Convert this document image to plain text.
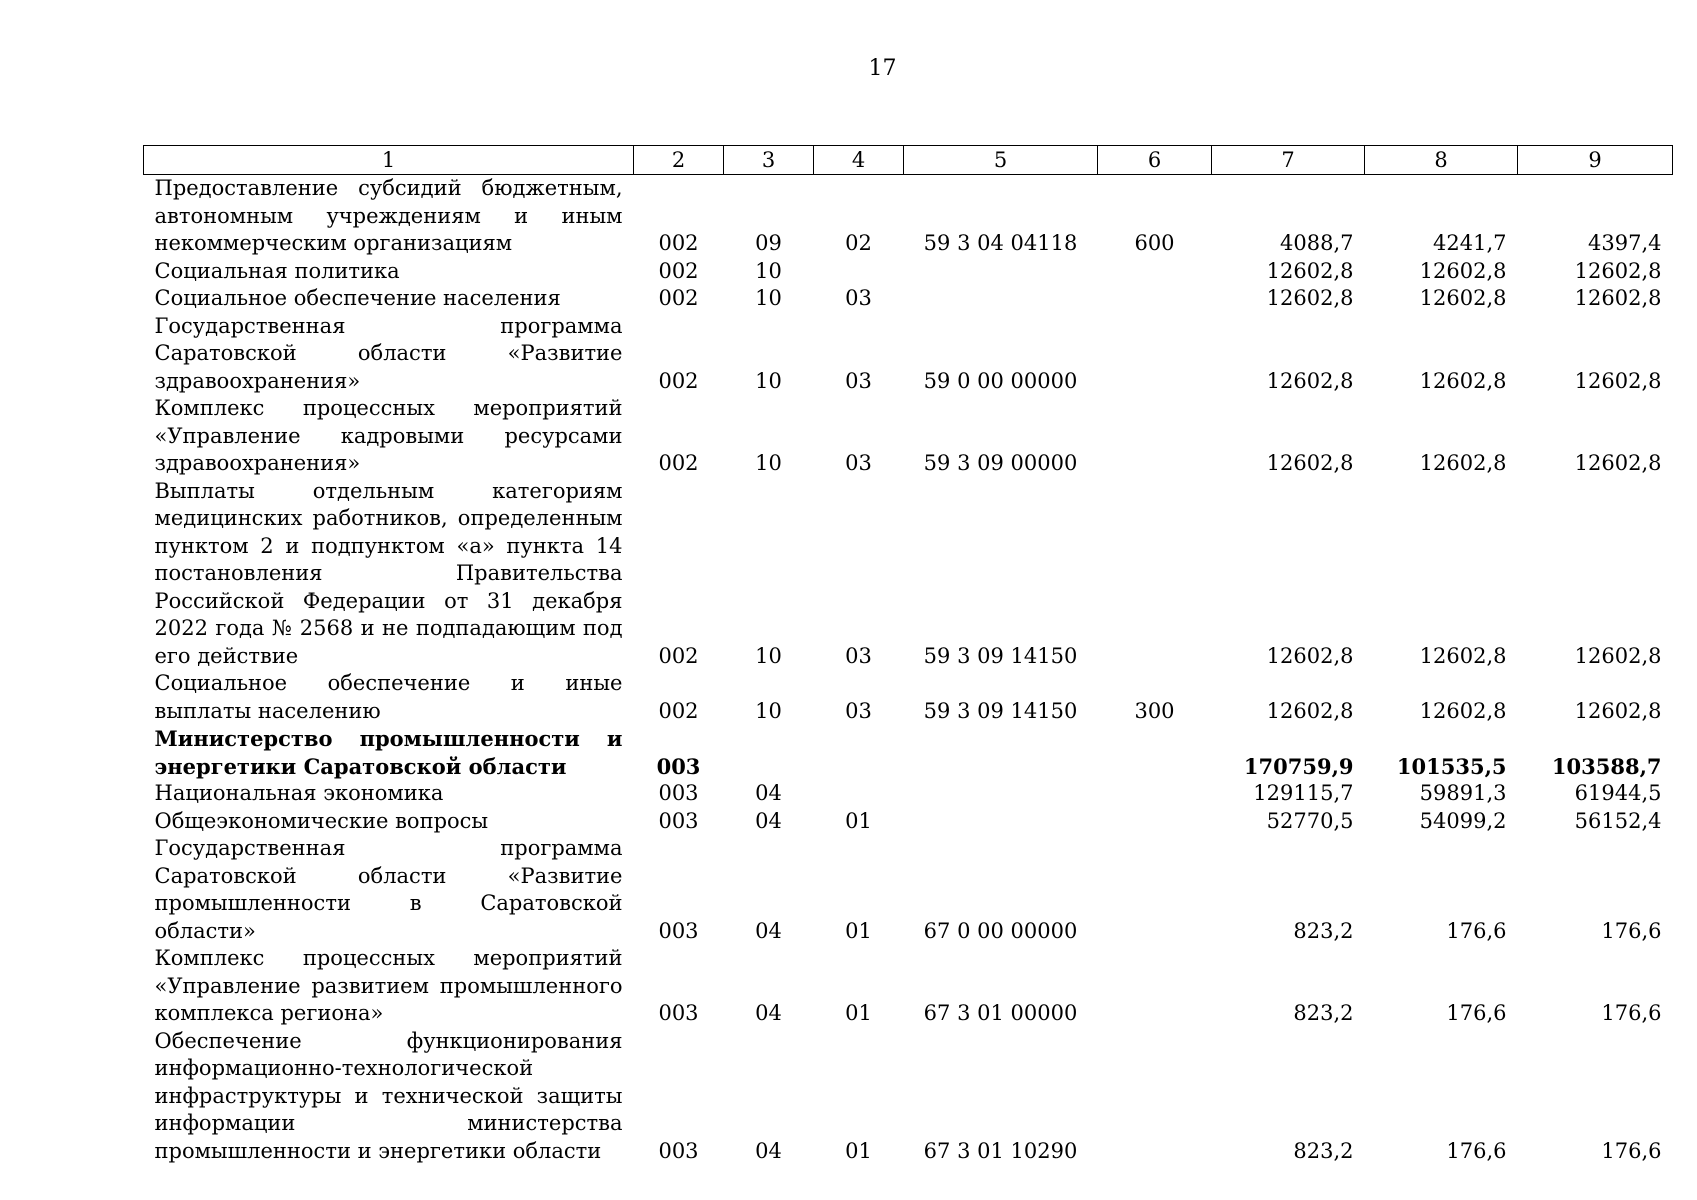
17
1	2	3	4	5	6	7	8	9
Предоставление субсидий бюджетным, автономным учреждениям и иным некоммерческим организациям	002	09	02	59 3 04 04118	600	4088,7	4241,7	4397,4
Социальная политика	002	10				12602,8	12602,8	12602,8
Социальное обеспечение населения	002	10	03			12602,8	12602,8	12602,8
Государственная программа Саратовской области «Развитие здравоохранения»	002	10	03	59 0 00 00000		12602,8	12602,8	12602,8
Комплекс процессных мероприятий «Управление кадровыми ресурсами здравоохранения»	002	10	03	59 3 09 00000		12602,8	12602,8	12602,8
Выплаты отдельным категориям медицинских работников, определенным пунктом 2 и подпунктом «а» пункта 14 постановления Правительства Российской Федерации от 31 декабря 2022 года № 2568 и не подпадающим под его действие	002	10	03	59 3 09 14150		12602,8	12602,8	12602,8
Социальное обеспечение и иные выплаты населению	002	10	03	59 3 09 14150	300	12602,8	12602,8	12602,8
Министерство промышленности и энергетики Саратовской области	003					170759,9	101535,5	103588,7
Национальная экономика	003	04				129115,7	59891,3	61944,5
Общеэкономические вопросы	003	04	01			52770,5	54099,2	56152,4
Государственная программа Саратовской области «Развитие промышленности в Саратовской области»	003	04	01	67 0 00 00000		823,2	176,6	176,6
Комплекс процессных мероприятий «Управление развитием промышленного комплекса региона»	003	04	01	67 3 01 00000		823,2	176,6	176,6
Обеспечение функционирования информационно-технологической инфраструктуры и технической защиты информации министерства промышленности и энергетики области	003	04	01	67 3 01 10290		823,2	176,6	176,6
